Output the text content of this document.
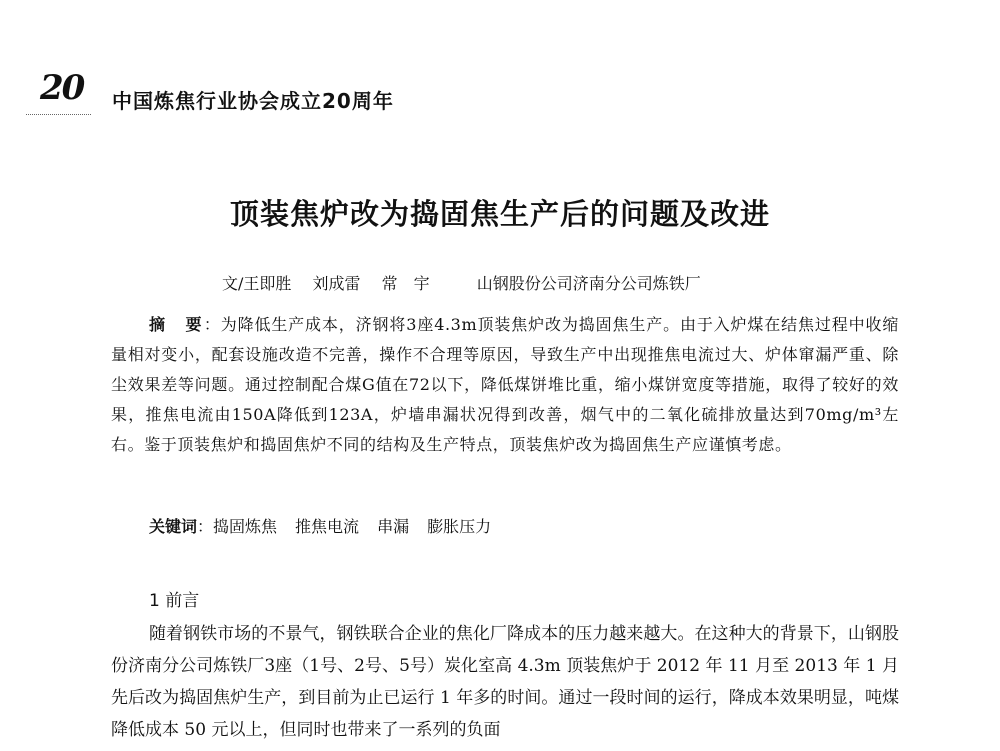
20 中国炼焦行业协会成立20周年
顶装焦炉改为捣固焦生产后的问题及改进
文/王即胜 刘成雷 常　宇	山钢股份公司济南分公司炼铁厂
摘　要：为降低生产成本，济钢将3座4.3m顶装焦炉改为捣固焦生产。由于入炉煤在结焦过程中收缩量相对变小，配套设施改造不完善，操作不合理等原因，导致生产中出现推焦电流过大、炉体窜漏严重、除尘效果差等问题。通过控制配合煤G值在72以下，降低煤饼堆比重，缩小煤饼宽度等措施，取得了较好的效果，推焦电流由150A降低到123A，炉墙串漏状况得到改善，烟气中的二氧化硫排放量达到70mg/m³左右。鉴于顶装焦炉和捣固焦炉不同的结构及生产特点，顶装焦炉改为捣固焦生产应谨慎考虑。
关键词：捣固炼焦 推焦电流 串漏 膨胀压力
1 前言
随着钢铁市场的不景气，钢铁联合企业的焦化厂降成本的压力越来越大。在这种大的背景下，山钢股份济南分公司炼铁厂3座（1号、2号、5号）炭化室高 4.3m 顶装焦炉于 2012 年 11 月至 2013 年 1 月先后改为捣固焦炉生产，到目前为止已运行 1 年多的时间。通过一段时间的运行，降成本效果明显，吨煤降低成本 50 元以上，但同时也带来了一系列的负面
